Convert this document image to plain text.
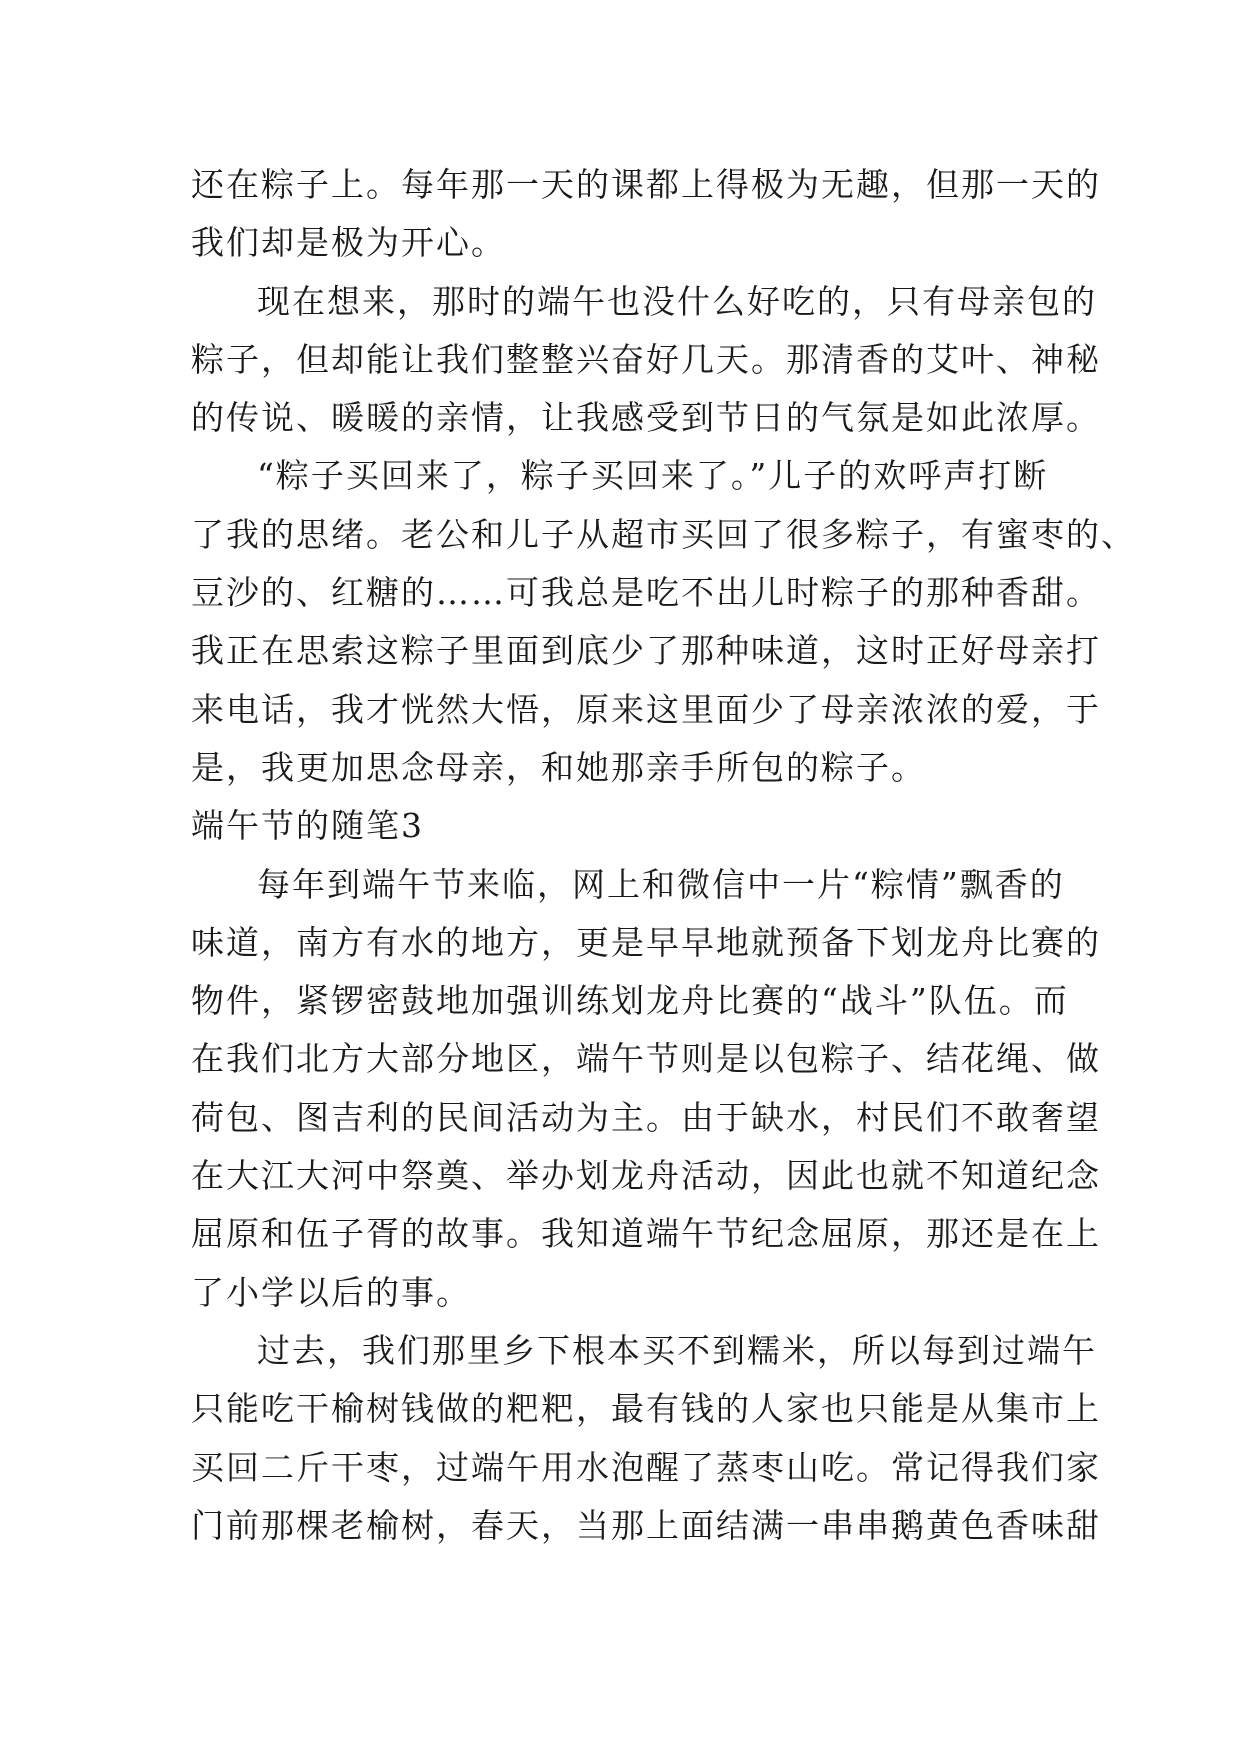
还在粽子上。每年那一天的课都上得极为无趣，但那一天的
我们却是极为开心。
现在想来，那时的端午也没什么好吃的，只有母亲包的
粽子，但却能让我们整整兴奋好几天。那清香的艾叶、神秘
的传说、暖暖的亲情，让我感受到节日的气氛是如此浓厚。
“粽子买回来了，粽子买回来了。”儿子的欢呼声打断
了我的思绪。老公和儿子从超市买回了很多粽子，有蜜枣的、
豆沙的、红糖的……可我总是吃不出儿时粽子的那种香甜。
我正在思索这粽子里面到底少了那种味道，这时正好母亲打
来电话，我才恍然大悟，原来这里面少了母亲浓浓的爱，于
是，我更加思念母亲，和她那亲手所包的粽子。
端午节的随笔3
每年到端午节来临，网上和微信中一片“粽情”飘香的
味道，南方有水的地方，更是早早地就预备下划龙舟比赛的
物件，紧锣密鼓地加强训练划龙舟比赛的“战斗”队伍。而
在我们北方大部分地区，端午节则是以包粽子、结花绳、做
荷包、图吉利的民间活动为主。由于缺水，村民们不敢奢望
在大江大河中祭奠、举办划龙舟活动，因此也就不知道纪念
屈原和伍子胥的故事。我知道端午节纪念屈原，那还是在上
了小学以后的事。
过去，我们那里乡下根本买不到糯米，所以每到过端午
只能吃干榆树钱做的粑粑，最有钱的人家也只能是从集市上
买回二斤干枣，过端午用水泡醒了蒸枣山吃。常记得我们家
门前那棵老榆树，春天，当那上面结满一串串鹅黄色香味甜
